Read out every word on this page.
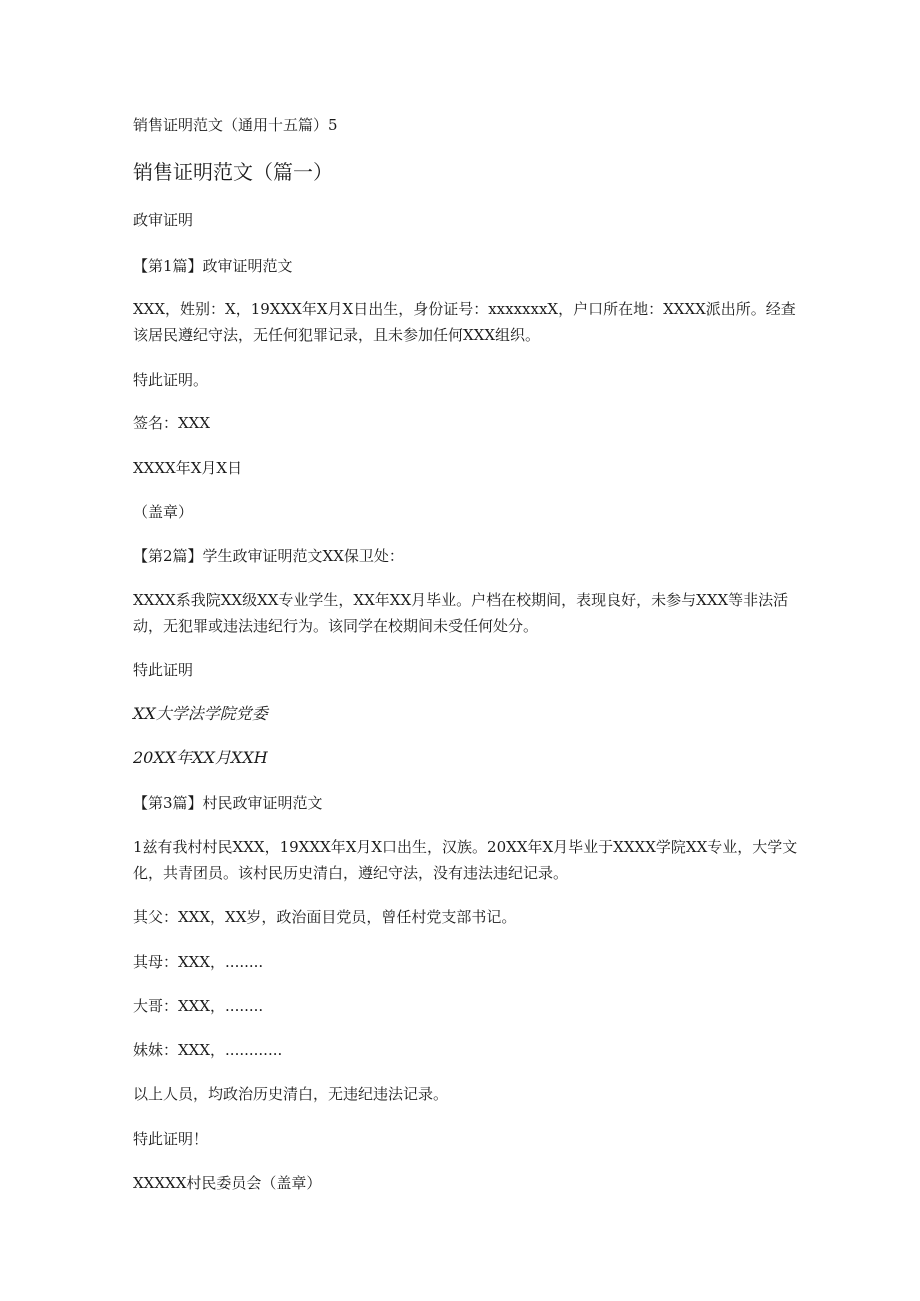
销售证明范文（通用十五篇）5

销售证明范文（篇一）

政审证明

【第1篇】政审证明范文

XXX，姓别：X，19XXX年X月X日出生，身份证号：xxxxxxxX，户口所在地：XXXX派出所。经查
该居民遵纪守法，无任何犯罪记录，且未参加任何XXX组织。

特此证明。

签名：XXX

XXXX年X月X日

（盖章）

【第2篇】学生政审证明范文XX保卫处：

XXXX系我院XX级XX专业学生，XX年XX月毕业。户档在校期间，表现良好，未参与XXX等非法活
动，无犯罪或违法违纪行为。该同学在校期间未受任何处分。

特此证明

XX大学法学院党委

20XX年XX月XXH

【第3篇】村民政审证明范文

1兹有我村村民XXX，19XXX年X月X口出生，汉族。20XX年X月毕业于XXXX学院XX专业，大学文
化，共青团员。该村民历史清白，遵纪守法，没有违法违纪记录。

其父：XXX，XX岁，政治面目党员，曾任村党支部书记。

其母：XXX，........

大哥：XXX，........

妹妹：XXX，............

以上人员，均政治历史清白，无违纪违法记录。

特此证明！

XXXXX村民委员会（盖章）
